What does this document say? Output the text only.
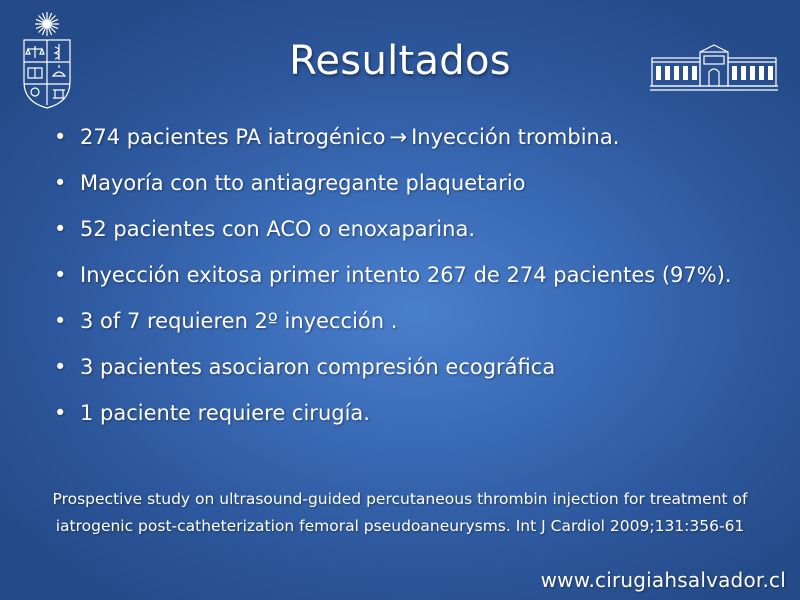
Resultados
• 274 pacientes PA iatrogénico → Inyección trombina.
• Mayoría con tto antiagregante plaquetario
• 52 pacientes con ACO o enoxaparina.
• Inyección exitosa primer intento 267 de 274 pacientes (97%).
• 3 of 7 requieren 2º inyección .
• 3 pacientes asociaron compresión ecográfica
• 1 paciente requiere cirugía.
Prospective study on ultrasound-guided percutaneous thrombin injection for treatment of iatrogenic post-catheterization femoral pseudoaneurysms. Int J Cardiol 2009;131:356-61
www.cirugiahsalvador.cl
